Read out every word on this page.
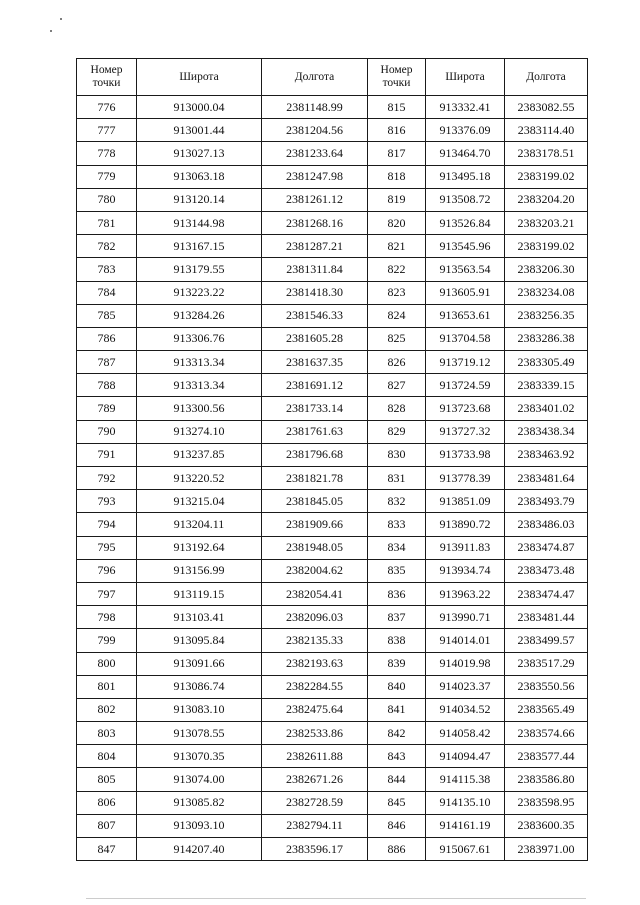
Номер точки	Широта	Долгота	Номер точки	Широта	Долгота
776	913000.04	2381148.99	815	913332.41	2383082.55
777	913001.44	2381204.56	816	913376.09	2383114.40
778	913027.13	2381233.64	817	913464.70	2383178.51
779	913063.18	2381247.98	818	913495.18	2383199.02
780	913120.14	2381261.12	819	913508.72	2383204.20
781	913144.98	2381268.16	820	913526.84	2383203.21
782	913167.15	2381287.21	821	913545.96	2383199.02
783	913179.55	2381311.84	822	913563.54	2383206.30
784	913223.22	2381418.30	823	913605.91	2383234.08
785	913284.26	2381546.33	824	913653.61	2383256.35
786	913306.76	2381605.28	825	913704.58	2383286.38
787	913313.34	2381637.35	826	913719.12	2383305.49
788	913313.34	2381691.12	827	913724.59	2383339.15
789	913300.56	2381733.14	828	913723.68	2383401.02
790	913274.10	2381761.63	829	913727.32	2383438.34
791	913237.85	2381796.68	830	913733.98	2383463.92
792	913220.52	2381821.78	831	913778.39	2383481.64
793	913215.04	2381845.05	832	913851.09	2383493.79
794	913204.11	2381909.66	833	913890.72	2383486.03
795	913192.64	2381948.05	834	913911.83	2383474.87
796	913156.99	2382004.62	835	913934.74	2383473.48
797	913119.15	2382054.41	836	913963.22	2383474.47
798	913103.41	2382096.03	837	913990.71	2383481.44
799	913095.84	2382135.33	838	914014.01	2383499.57
800	913091.66	2382193.63	839	914019.98	2383517.29
801	913086.74	2382284.55	840	914023.37	2383550.56
802	913083.10	2382475.64	841	914034.52	2383565.49
803	913078.55	2382533.86	842	914058.42	2383574.66
804	913070.35	2382611.88	843	914094.47	2383577.44
805	913074.00	2382671.26	844	914115.38	2383586.80
806	913085.82	2382728.59	845	914135.10	2383598.95
807	913093.10	2382794.11	846	914161.19	2383600.35
847	914207.40	2383596.17	886	915067.61	2383971.00
